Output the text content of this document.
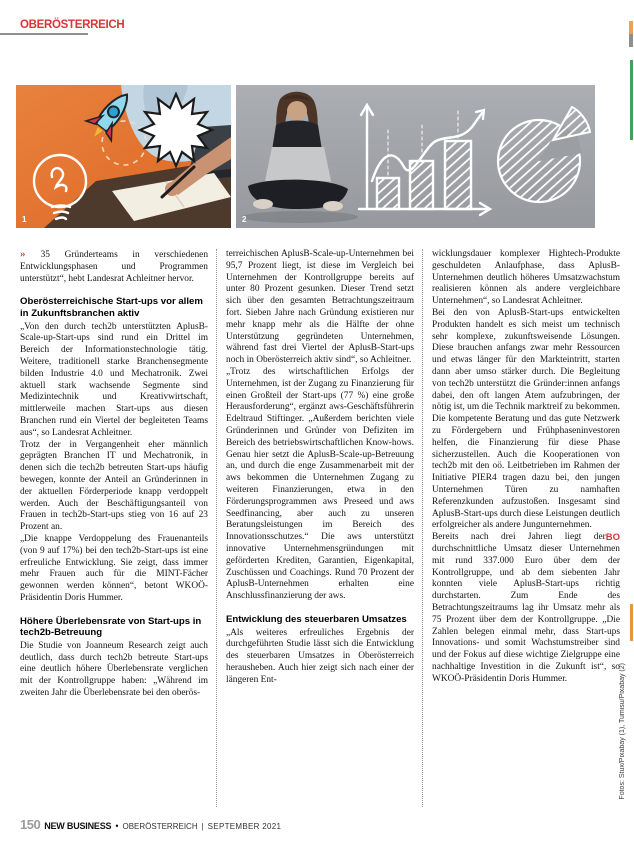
OBERÖSTERREICH
1	2

» 35 Gründerteams in verschiedenen Entwicklungsphasen und Programmen unterstützt“, hebt Landesrat Achleitner hervor.

Oberösterreichische Start-ups vor allem in Zukunftsbranchen aktiv

„Von den durch tech2b unterstützten AplusB-Scale-up-Start-ups sind rund ein Drittel im Bereich der Informationstechnologie tätig. Weitere, traditionell starke Branchensegmente bilden Industrie 4.0 und Mechatronik. Zwei aktuell stark wachsende Segmente sind Medizintechnik und Kreativwirtschaft, mittlerweile machen Start-ups aus diesen Branchen rund ein Viertel der begleiteten Teams aus“, so Landesrat Achleitner.

Trotz der in Vergangenheit eher männlich geprägten Branchen IT und Mechatronik, in denen sich die tech2b betreuten Start-ups häufig bewegen, konnte der Anteil an Gründerinnen in der aktuellen Förderperiode knapp verdoppelt werden. Auch der Beschäftigungsanteil von Frauen in tech2b-Start-ups stieg von 16 auf 23 Prozent an.

„Die knappe Verdoppelung des Frauenanteils (von 9 auf 17%) bei den tech2b-Start-ups ist eine erfreuliche Entwicklung. Sie zeigt, dass immer mehr Frauen auch für die MINT-Fächer gewonnen werden können“, betont WKOÖ-Präsidentin Doris Hummer.

Höhere Überlebensrate von Start-ups in tech2b-Betreuung

Die Studie von Joanneum Research zeigt auch deutlich, dass durch tech2b betreute Start-ups eine deutlich höhere Überlebensrate verglichen mit der Kontrollgruppe haben: „Während im zweiten Jahr die Überlebensrate bei den oberös-

terreichischen AplusB-Scale-up-Unternehmen bei 95,7 Prozent liegt, ist diese im Vergleich bei Unternehmen der Kontrollgruppe bereits auf unter 80 Prozent gesunken. Dieser Trend setzt sich über den gesamten Betrachtungszeitraum fort. Sieben Jahre nach Gründung existieren nur mehr knapp mehr als die Hälfte der ohne Unterstützung gegründeten Unternehmen, während fast drei Viertel der AplusB-Start-ups noch in Oberösterreich aktiv sind“, so Achleitner.

„Trotz des wirtschaftlichen Erfolgs der Unternehmen, ist der Zugang zu Finanzierung für einen Großteil der Start-ups (77 %) eine große Herausforderung“, ergänzt aws-Geschäftsführerin Edeltraud Stiftinger. „Außerdem berichten viele Gründerinnen und Gründer von Defiziten im Bereich des betriebswirtschaftlichen Know-hows. Genau hier setzt die AplusB-Scale-up-Betreuung an, und durch die enge Zusammenarbeit mit der aws bekommen die Unternehmen Zugang zu weiteren Finanzierungen, etwa in den Förderungsprogrammen aws Preseed und aws Seedfinancing, aber auch zu unseren Beratungsleistungen im Bereich des Innovationsschutzes.“ Die aws unterstützt innovative Unternehmensgründungen mit geförderten Krediten, Garantien, Eigenkapital, Zuschüssen und Coachings. Rund 70 Prozent der AplusB-Unternehmen erhalten eine Anschlussfinanzierung der aws.

Entwicklung des steuerbaren Umsatzes

„Als weiteres erfreuliches Ergebnis der durchgeführten Studie lässt sich die Entwicklung des steuerbaren Umsatzes in Oberösterreich herausheben. Auch hier zeigt sich nach einer der längeren Ent-

wicklungsdauer komplexer Hightech-Produkte geschuldeten Anlaufphase, dass AplusB-Unternehmen deutlich höheres Umsatzwachstum realisieren können als andere vergleichbare Unternehmen“, so Landesrat Achleitner.

Bei den von AplusB-Start-ups entwickelten Produkten handelt es sich meist um technisch sehr komplexe, zukunftsweisende Lösungen. Diese brauchen anfangs zwar mehr Ressourcen und etwas länger für den Markteintritt, starten dann aber umso stärker durch. Die Begleitung von tech2b unterstützt die Gründer:innen anfangs dabei, den oft langen Atem aufzubringen, der nötig ist, um die Technik marktreif zu bekommen. Die kompetente Beratung und das gute Netzwerk zu Fördergebern und Frühphaseninvestoren helfen, die Finanzierung für diese Phase sicherzustellen. Auch die Kooperationen von tech2b mit den oö. Leitbetrieben im Rahmen der Initiative PIER4 tragen dazu bei, den jungen Unternehmen Türen zu namhaften Referenzkunden aufzustoßen. Insgesamt sind AplusB-Start-ups durch diese Leistungen deutlich erfolgreicher als andere Jungunternehmen.

BO
Bereits nach drei Jahren liegt der durchschnittliche Umsatz dieser Unternehmen mit rund 337.000 Euro über dem der Kontrollgruppe, und ab dem siebenten Jahr konnten viele AplusB-Start-ups richtig durchstarten. Zum Ende des Betrachtungszeitraums lag ihr Umsatz mehr als 75 Prozent über dem der Kontrollgruppe. „Die Zahlen belegen einmal mehr, dass Start-ups Innovations- und somit Wachstumstreiber sind und der Fokus auf diese wichtige Zielgruppe eine nachhaltige Investition in die Zukunft ist“, so WKOÖ-Präsidentin Doris Hummer.	Fotos: Stux/Pixabay (1), Tumisu/Pixabay (2)
150 NEW BUSINESS • OBERÖSTERREICH | SEPTEMBER 2021
